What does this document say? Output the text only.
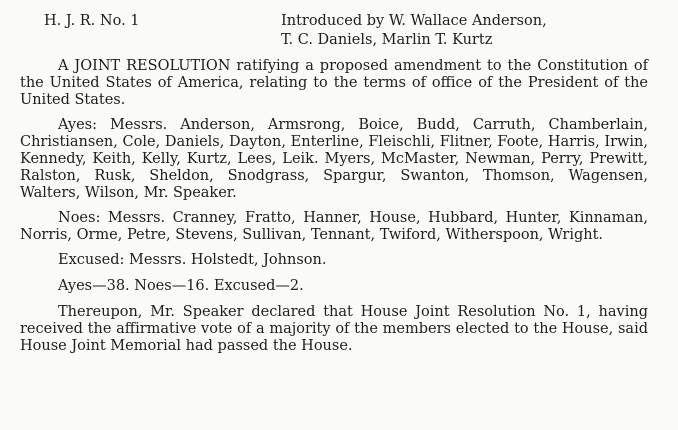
H. J. R. No. 1	Introduced by W. Wallace Anderson,
T. C. Daniels, Marlin T. Kurtz

A JOINT RESOLUTION ratifying a proposed amendment to the Constitution of the United States of America, relating to the terms of office of the President of the United States.

Ayes: Messrs. Anderson, Armsrong, Boice, Budd, Carruth, Chamberlain, Christiansen, Cole, Daniels, Dayton, Enterline, Fleischli, Flitner, Foote, Harris, Irwin, Kennedy, Keith, Kelly, Kurtz, Lees, Leik. Myers, McMaster, Newman, Perry, Prewitt, Ralston, Rusk, Sheldon, Snodgrass, Spargur, Swanton, Thomson, Wagensen, Walters, Wilson, Mr. Speaker.

Noes: Messrs. Cranney, Fratto, Hanner, House, Hubbard, Hunter, Kinnaman, Norris, Orme, Petre, Stevens, Sullivan, Tennant, Twiford, Witherspoon, Wright.

Excused: Messrs. Holstedt, Johnson.

Ayes—38. Noes—16. Excused—2.

Thereupon, Mr. Speaker declared that House Joint Resolution No. 1, having received the affirmative vote of a majority of the members elected to the House, said House Joint Memorial had passed the House.
